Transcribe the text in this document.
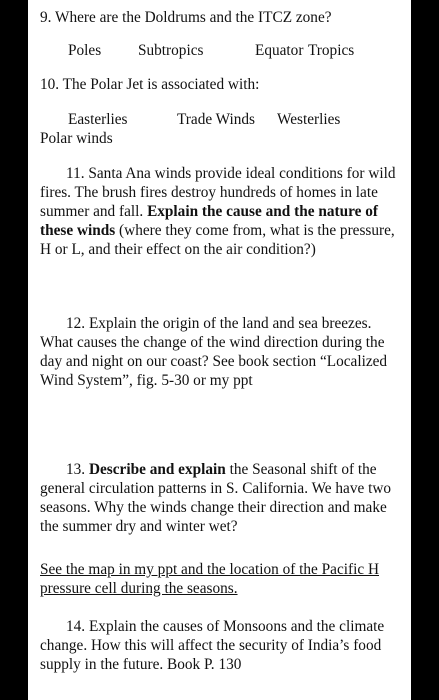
9. Where are the Doldrums and the ITCZ zone?
Poles Subtropics	Equator Tropics
10. The Polar Jet is associated with:
Easterlies	Trade Winds Westerlies
Polar winds
11. Santa Ana winds provide ideal conditions for wild fires. The brush fires destroy hundreds of homes in late summer and fall. Explain the cause and the nature of these winds (where they come from, what is the pressure, H or L, and their effect on the air condition?)
12. Explain the origin of the land and sea breezes. What causes the change of the wind direction during the day and night on our coast? See book section “Localized Wind System”, fig. 5-30 or my ppt
13. Describe and explain the Seasonal shift of the general circulation patterns in S. California. We have two seasons. Why the winds change their direction and make the summer dry and winter wet?
See the map in my ppt and the location of the Pacific H pressure cell during the seasons.
14. Explain the causes of Monsoons and the climate change. How this will affect the security of India’s food supply in the future. Book P. 130
